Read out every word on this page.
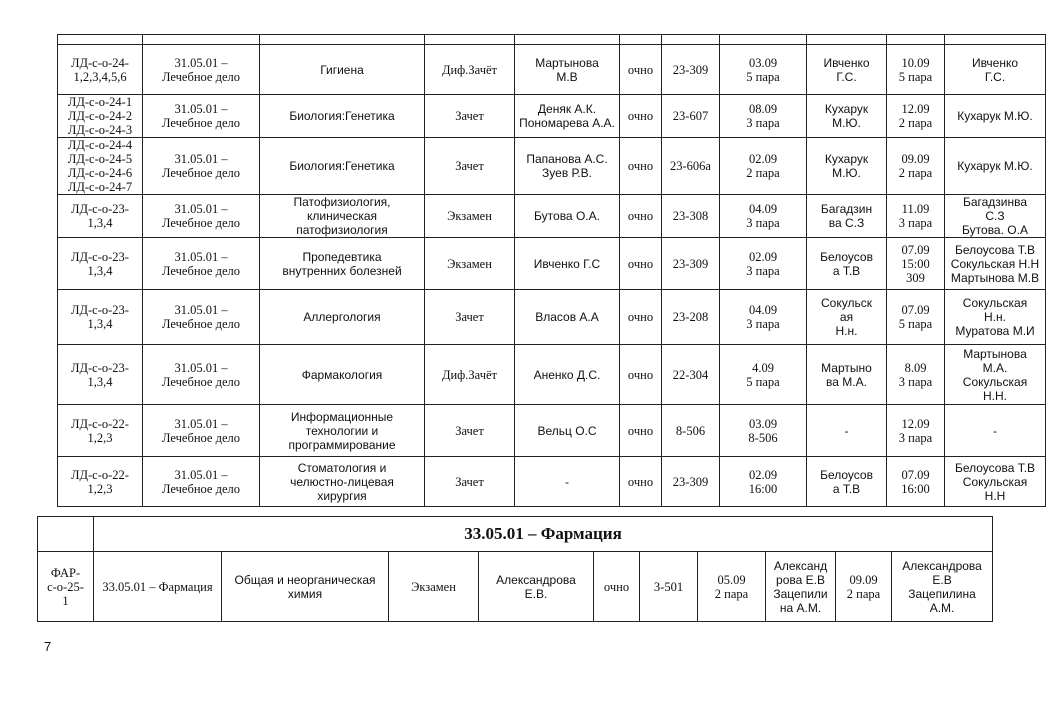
ЛД-с-о-24-
1,2,3,4,5,6	31.05.01 –
Лечебное дело	Гигиена	Диф.Зачёт	Мартынова
М.В	очно	23-309	03.09
5 пара	Ивченко
Г.С.	10.09
5 пара	Ивченко
Г.С.

ЛД-с-о-24-1
ЛД-с-о-24-2
ЛД-с-о-24-3	31.05.01 –
Лечебное дело	Биология:Генетика	Зачет	Деняк А.К.
Пономарева А.А.	очно	23-607	08.09
3 пара	Кухарук
М.Ю.	12.09
2 пара	Кухарук М.Ю.

ЛД-с-о-24-4
ЛД-с-о-24-5
ЛД-с-о-24-6
ЛД-с-о-24-7	31.05.01 –
Лечебное дело	Биология:Генетика	Зачет	Папанова А.С.
Зуев Р.В.	очно	23-606а	02.09
2 пара	Кухарук
М.Ю.	09.09
2 пара	Кухарук М.Ю.

ЛД-с-о-23-
1,3,4	31.05.01 –
Лечебное дело	Патофизиология,
клиническая
патофизиология	Экзамен	Бутова О.А.	очно	23-308	04.09
3 пара	Багадзин
ва С.З	11.09
3 пара	Багадзинва
С.З
Бутова. О.А

ЛД-с-о-23-
1,3,4	31.05.01 –
Лечебное дело	Пропедевтика
внутренних болезней	Экзамен	Ивченко Г.С	очно	23-309	02.09
3 пара	Белоусов
а Т.В	07.09
15:00
309	Белоусова Т.В
Сокульская Н.Н
Мартынова М.В

ЛД-с-о-23-
1,3,4	31.05.01 –
Лечебное дело	Аллергология	Зачет	Власов А.А	очно	23-208	04.09
3 пара	Сокульск
ая
Н.н.	07.09
5 пара	Сокульская
Н.н.
Муратова М.И

ЛД-с-о-23-
1,3,4	31.05.01 –
Лечебное дело	Фармакология	Диф.Зачёт	Аненко Д.С.	очно	22-304	4.09
5 пара	Мартыно
ва М.А.	8.09
3 пара	Мартынова
М.А.
Сокульская
Н.Н.

ЛД-с-о-22-
1,2,3	31.05.01 –
Лечебное дело	Информационные
технологии и
программирование	Зачет	Вельц О.С	очно	8-506	03.09
8-506	-	12.09
3 пара	-

ЛД-с-о-22-
1,2,3	31.05.01 –
Лечебное дело	Стоматология и
челюстно-лицевая
хирургия	Зачет	-	очно	23-309	02.09
16:00	Белоусов
а Т.В	07.09
16:00	Белоусова Т.В
Сокульская
Н.Н
	33.05.01 – Фармация									

ФАР-
с-о-25-
1	33.05.01 – Фармация	Общая и неорганическая
химия	Экзамен	Александрова
Е.В.	очно	3-501	05.09
2 пара	Александ
рова Е.В
Зацепили
на А.М.	09.09
2 пара	Александрова
Е.В
Зацепилина
А.М.
7
